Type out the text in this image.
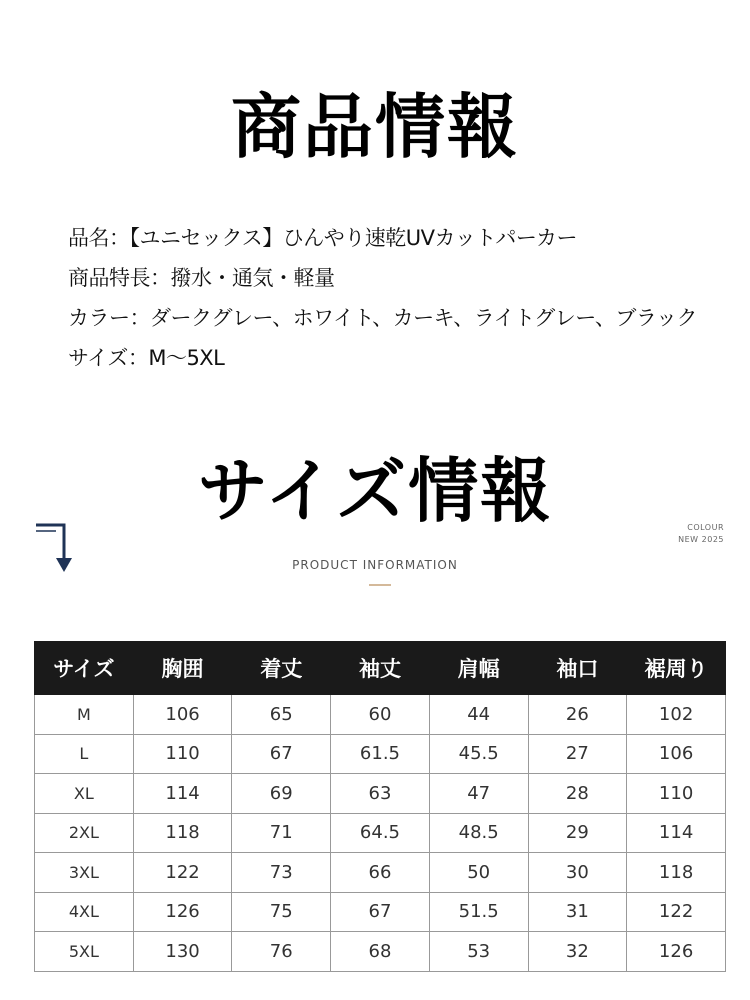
商品情報
品名：【ユニセックス】ひんやり速乾UVカットパーカー
商品特長：撥水・通気・軽量
カラー：ダークグレー、ホワイト、カーキ、ライトグレー、ブラック
サイズ：M〜5XL
サイズ情報	COLOUR
NEW 2025
PRODUCT INFORMATION
サイズ	胸囲	着丈	袖丈	肩幅	袖口	裾周り
M	106	65	60	44	26	102
L	110	67	61.5	45.5	27	106
XL	114	69	63	47	28	110
2XL	118	71	64.5	48.5	29	114
3XL	122	73	66	50	30	118
4XL	126	75	67	51.5	31	122
5XL	130	76	68	53	32	126
